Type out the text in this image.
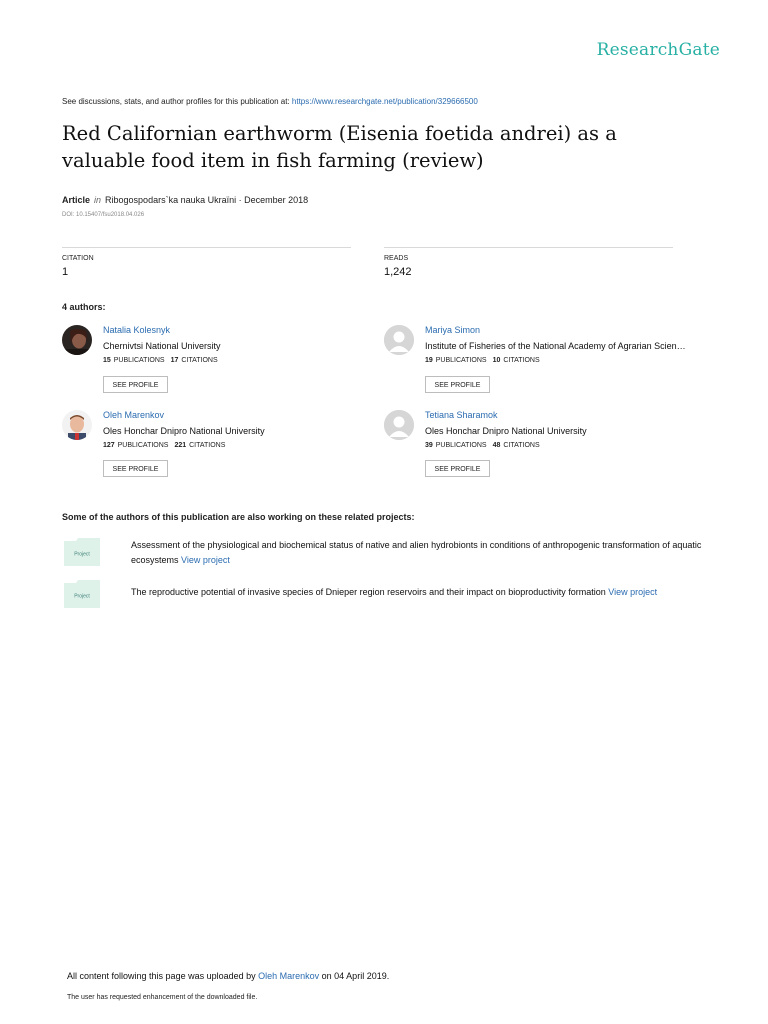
ResearchGate
See discussions, stats, and author profiles for this publication at: https://www.researchgate.net/publication/329666500
Red Californian earthworm (Eisenia foetida andrei) as a valuable food item in fish farming (review)
Article in Ribogospodars`ka nauka Ukraïni · December 2018
DOI: 10.15407/fsu2018.04.026
CITATION
1
READS
1,242
4 authors:
Natalia Kolesnyk
Chernivtsi National University
15 PUBLICATIONS 17 CITATIONS
SEE PROFILE
Mariya Simon
Institute of Fisheries of the National Academy of Agrarian Scien…
19 PUBLICATIONS 10 CITATIONS
SEE PROFILE
Oleh Marenkov
Oles Honchar Dnipro National University
127 PUBLICATIONS 221 CITATIONS
SEE PROFILE
Tetiana Sharamok
Oles Honchar Dnipro National University
39 PUBLICATIONS 48 CITATIONS
SEE PROFILE
Some of the authors of this publication are also working on these related projects:
Project
Assessment of the physiological and biochemical status of native and alien hydrobionts in conditions of anthropogenic transformation of aquatic ecosystems View project
Project	The reproductive potential of invasive species of Dnieper region reservoirs and their impact on bioproductivity formation View project
All content following this page was uploaded by Oleh Marenkov on 04 April 2019.
The user has requested enhancement of the downloaded file.
